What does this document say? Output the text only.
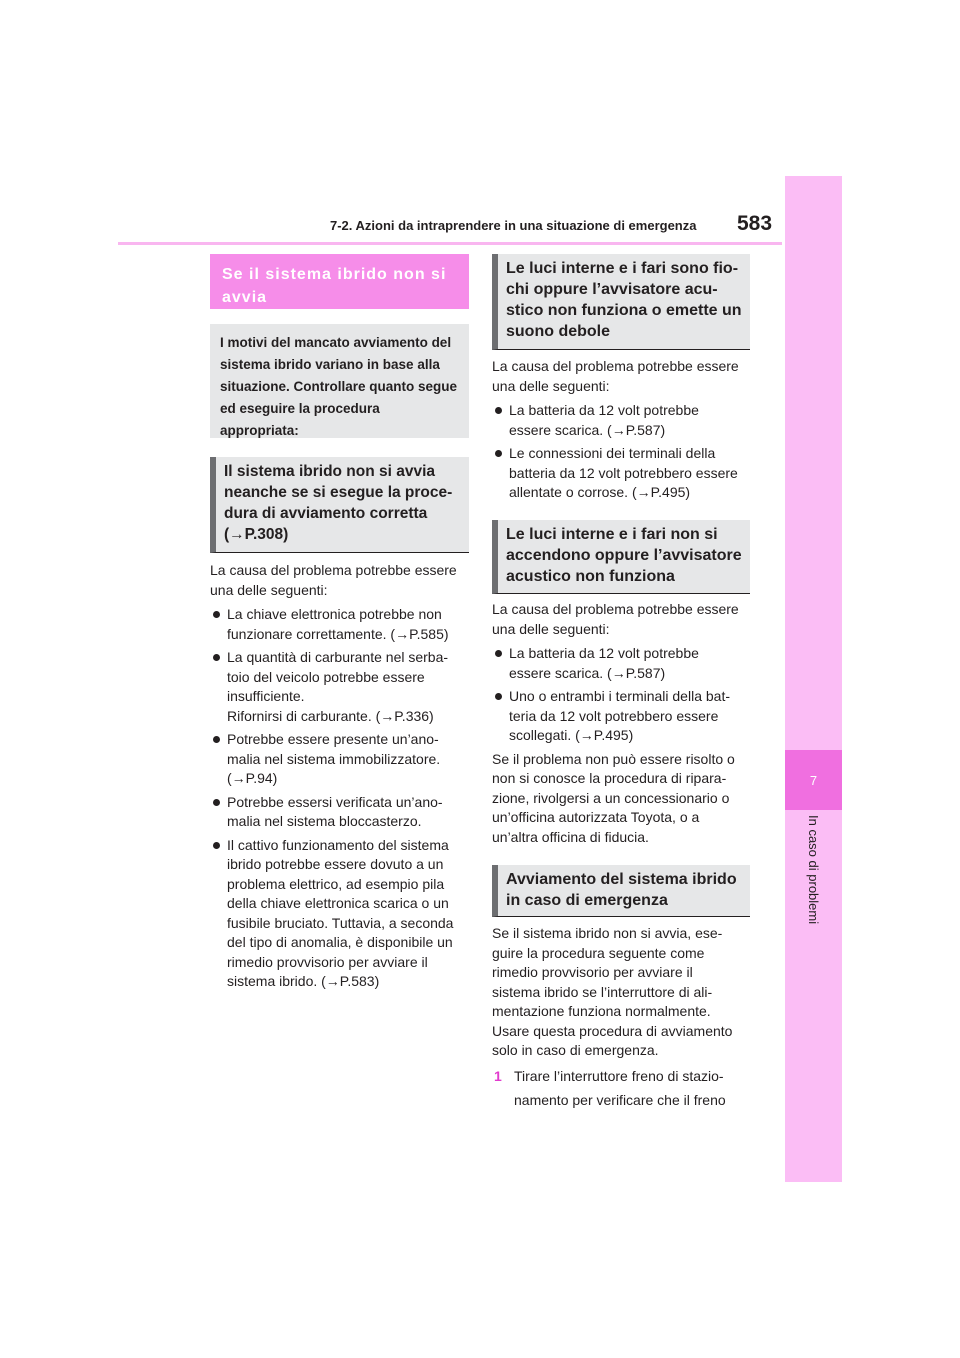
7-2. Azioni da intraprendere in una situazione di emergenza 583
7
In caso di problemi
Se il sistema ibrido non si avvia
I motivi del mancato avviamento del sistema ibrido variano in base alla situazione. Controllare quanto segue ed eseguire la procedura appropriata:
Il sistema ibrido non si avvia
neanche se si esegue la proce-
dura di avviamento corretta
(→P.308)

La causa del problema potrebbe essere
una delle seguenti:

La chiave elettronica potrebbe non
funzionare correttamente. (→P.585)
La quantità di carburante nel serba-
toio del veicolo potrebbe essere
insufficiente.
Rifornirsi di carburante. (→P.336)
Potrebbe essere presente un’ano-
malia nel sistema immobilizzatore.
(→P.94)
Potrebbe essersi verificata un’ano-
malia nel sistema bloccasterzo.
Il cattivo funzionamento del sistema
ibrido potrebbe essere dovuto a un
problema elettrico, ad esempio pila
della chiave elettronica scarica o un
fusibile bruciato. Tuttavia, a seconda
del tipo di anomalia, è disponibile un
rimedio provvisorio per avviare il
sistema ibrido. (→P.583)
Le luci interne e i fari sono fio-
chi oppure l’avvisatore acu-
stico non funziona o emette un
suono debole

La causa del problema potrebbe essere
una delle seguenti:

La batteria da 12 volt potrebbe
essere scarica. (→P.587)
Le connessioni dei terminali della
batteria da 12 volt potrebbero essere
allentate o corrose. (→P.495)
Le luci interne e i fari non si
accendono oppure l’avvisatore
acustico non funziona

La causa del problema potrebbe essere
una delle seguenti:

La batteria da 12 volt potrebbe
essere scarica. (→P.587)
Uno o entrambi i terminali della bat-
teria da 12 volt potrebbero essere
scollegati. (→P.495)

Se il problema non può essere risolto o
non si conosce la procedura di ripara-
zione, rivolgersi a un concessionario o
un’officina autorizzata Toyota, o a
un’altra officina di fiducia.

Avviamento del sistema ibrido
in caso di emergenza

Se il sistema ibrido non si avvia, ese-
guire la procedura seguente come
rimedio provvisorio per avviare il
sistema ibrido se l’interruttore di ali-
mentazione funziona normalmente.
Usare questa procedura di avviamento
solo in caso di emergenza.

1 Tirare l’interruttore freno di stazio-
namento per verificare che il freno
